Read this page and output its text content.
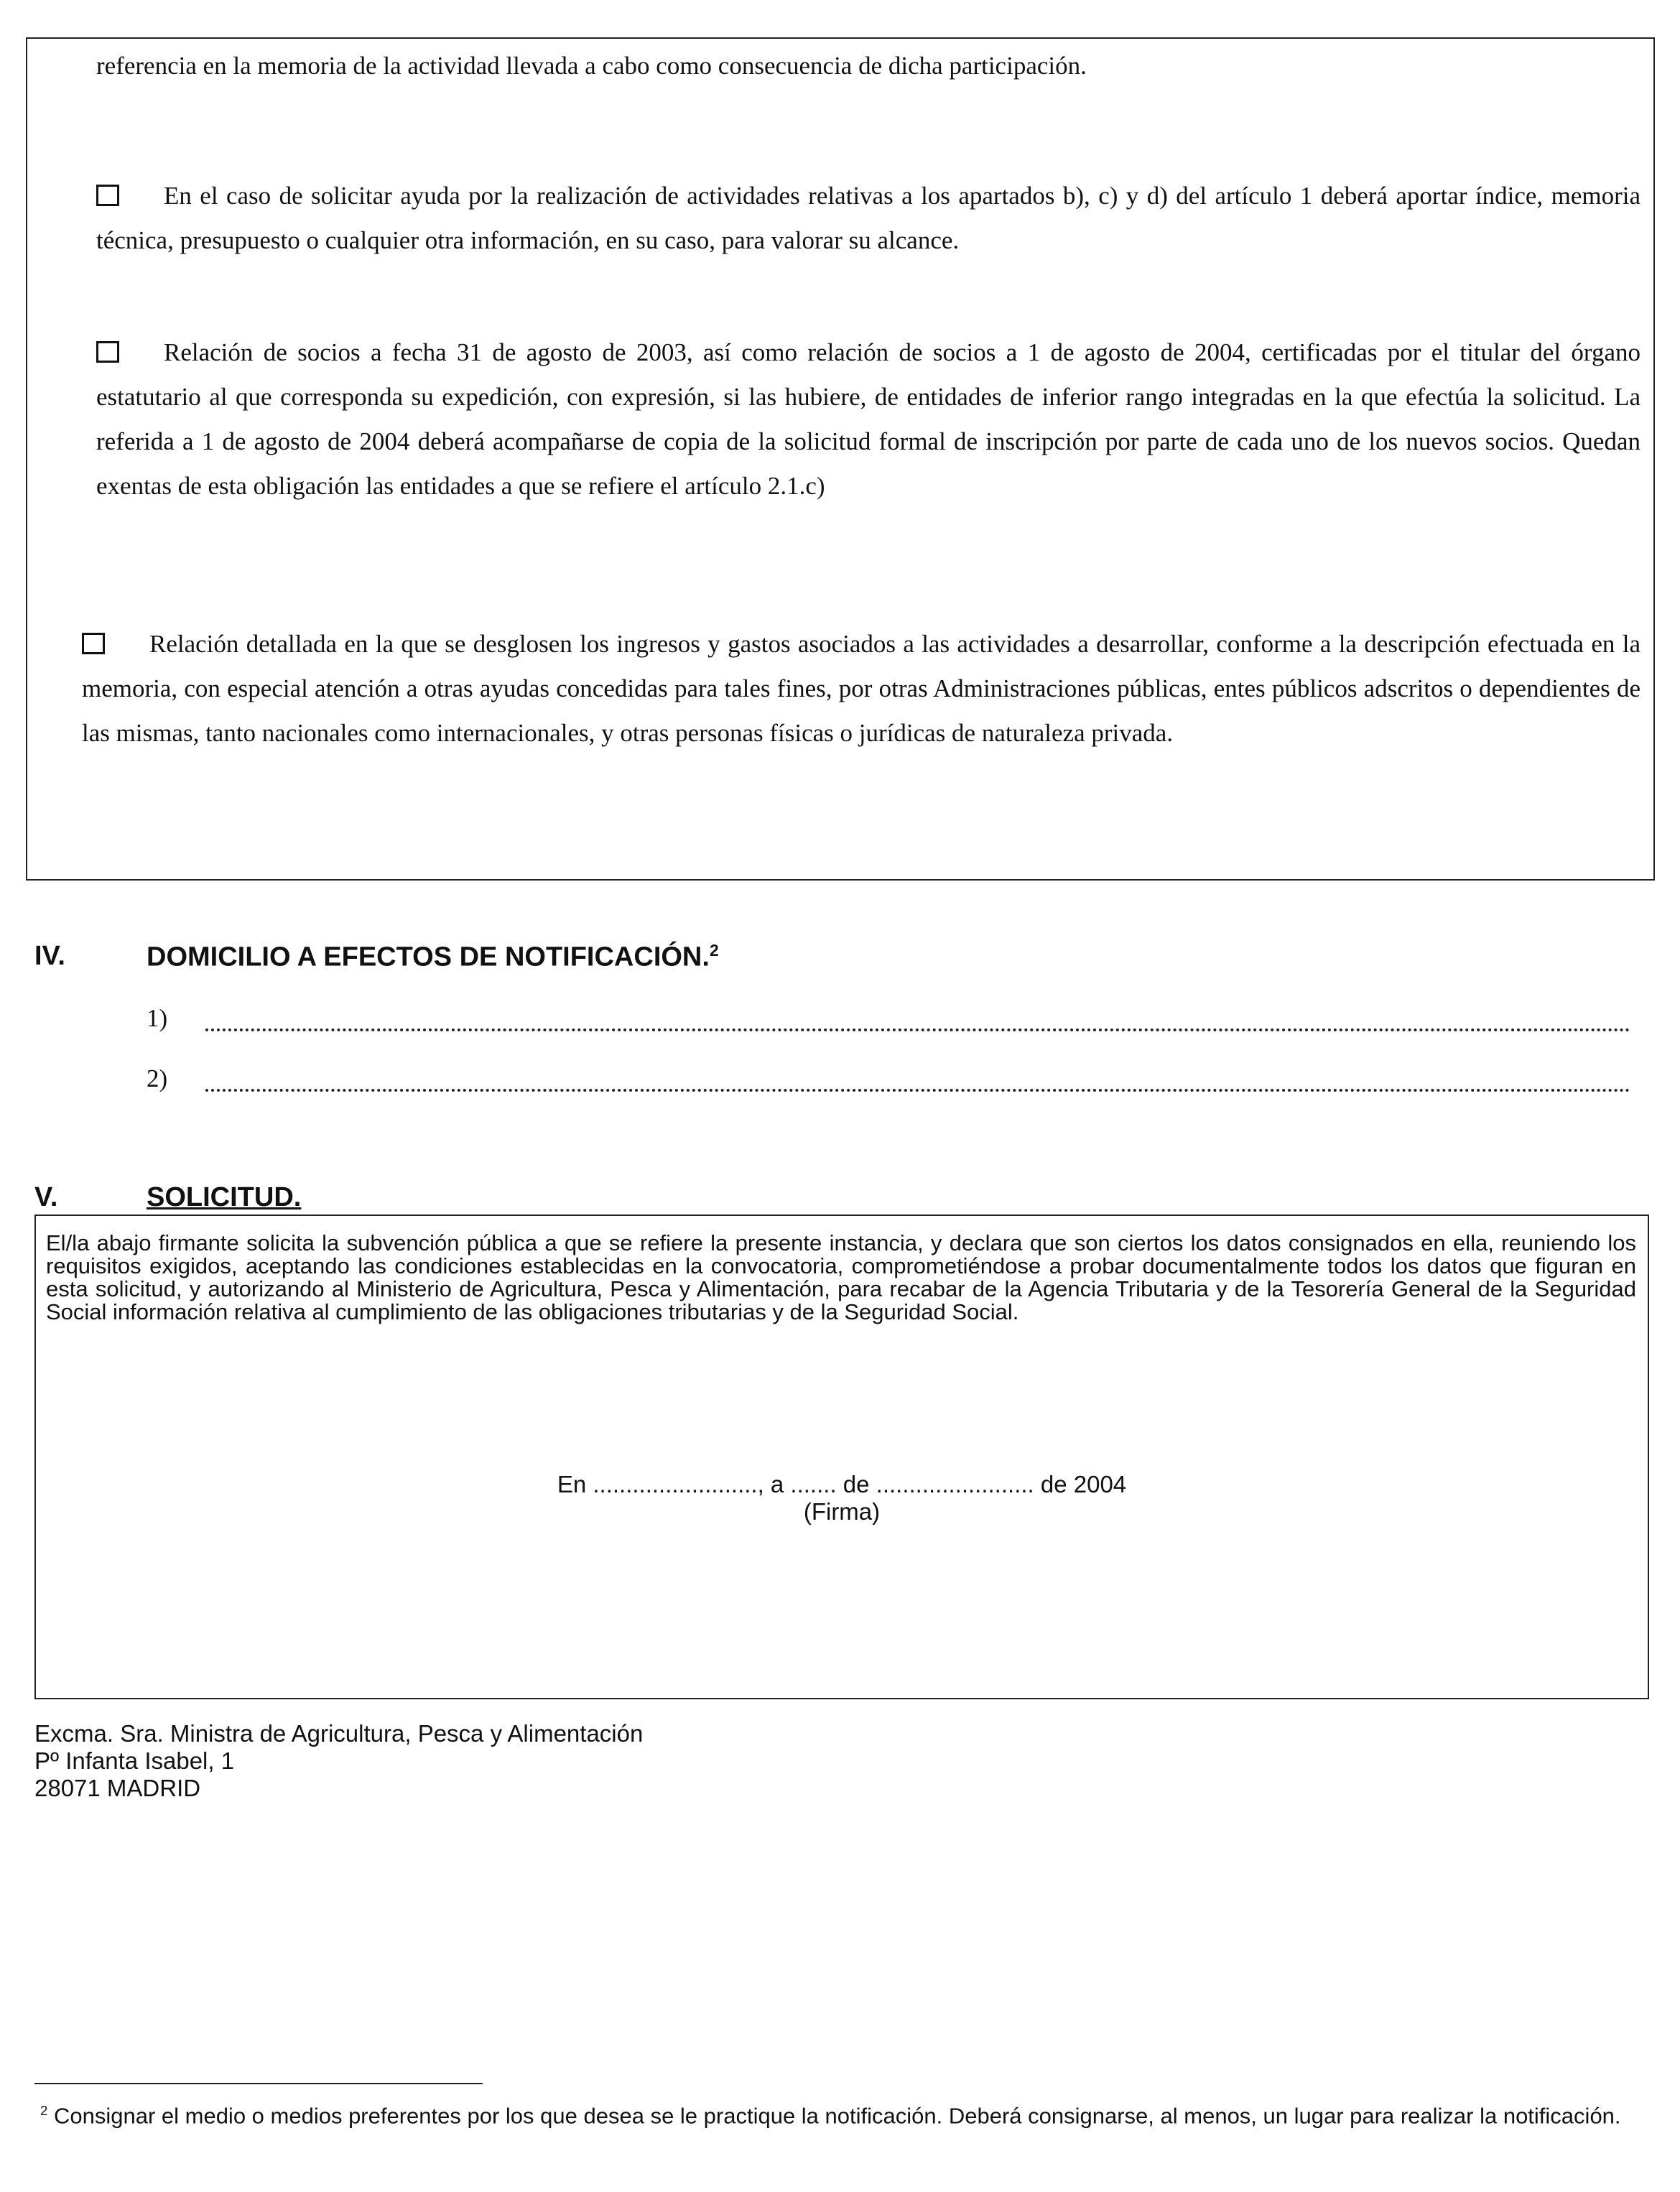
referencia en la memoria de la actividad llevada a cabo como consecuencia de dicha participación.
En el caso de solicitar ayuda por la realización de actividades relativas a los apartados b), c) y d) del artículo 1 deberá aportar índice, memoria técnica, presupuesto o cualquier otra información, en su caso, para valorar su alcance.
Relación de socios a fecha 31 de agosto de 2003, así como relación de socios a 1 de agosto de 2004, certificadas por el titular del órgano estatutario al que corresponda su expedición, con expresión, si las hubiere, de entidades de inferior rango integradas en la que efectúa la solicitud. La referida a 1 de agosto de 2004 deberá acompañarse de copia de la solicitud formal de inscripción por parte de cada uno de los nuevos socios. Quedan exentas de esta obligación las entidades a que se refiere el artículo 2.1.c)
Relación detallada en la que se desglosen los ingresos y gastos asociados a las actividades a desarrollar, conforme a la descripción efectuada en la memoria, con especial atención a otras ayudas concedidas para tales fines, por otras Administraciones públicas, entes públicos adscritos o dependientes de las mismas, tanto nacionales como internacionales, y otras personas físicas o jurídicas de naturaleza privada.
IV.	DOMICILIO A EFECTOS DE NOTIFICACIÓN.$^2$
1)
2)
V.	SOLICITUD.
El/la abajo firmante solicita la subvención pública a que se refiere la presente instancia, y declara que son ciertos los datos consignados en ella, reuniendo los requisitos exigidos, aceptando las condiciones establecidas en la convocatoria, comprometiéndose a probar documentalmente todos los datos que figuran en esta solicitud, y autorizando al Ministerio de Agricultura, Pesca y Alimentación, para recabar de la Agencia Tributaria y de la Tesorería General de la Seguridad Social información relativa al cumplimiento de las obligaciones tributarias y de la Seguridad Social.
En ........................., a ....... de ........................ de 2004
(Firma)
Excma. Sra. Ministra de Agricultura, Pesca y Alimentación
Pº Infanta Isabel, 1
28071 MADRID
$^2$ Consignar el medio o medios preferentes por los que desea se le practique la notificación. Deberá consignarse, al menos, un lugar para realizar la notificación.
